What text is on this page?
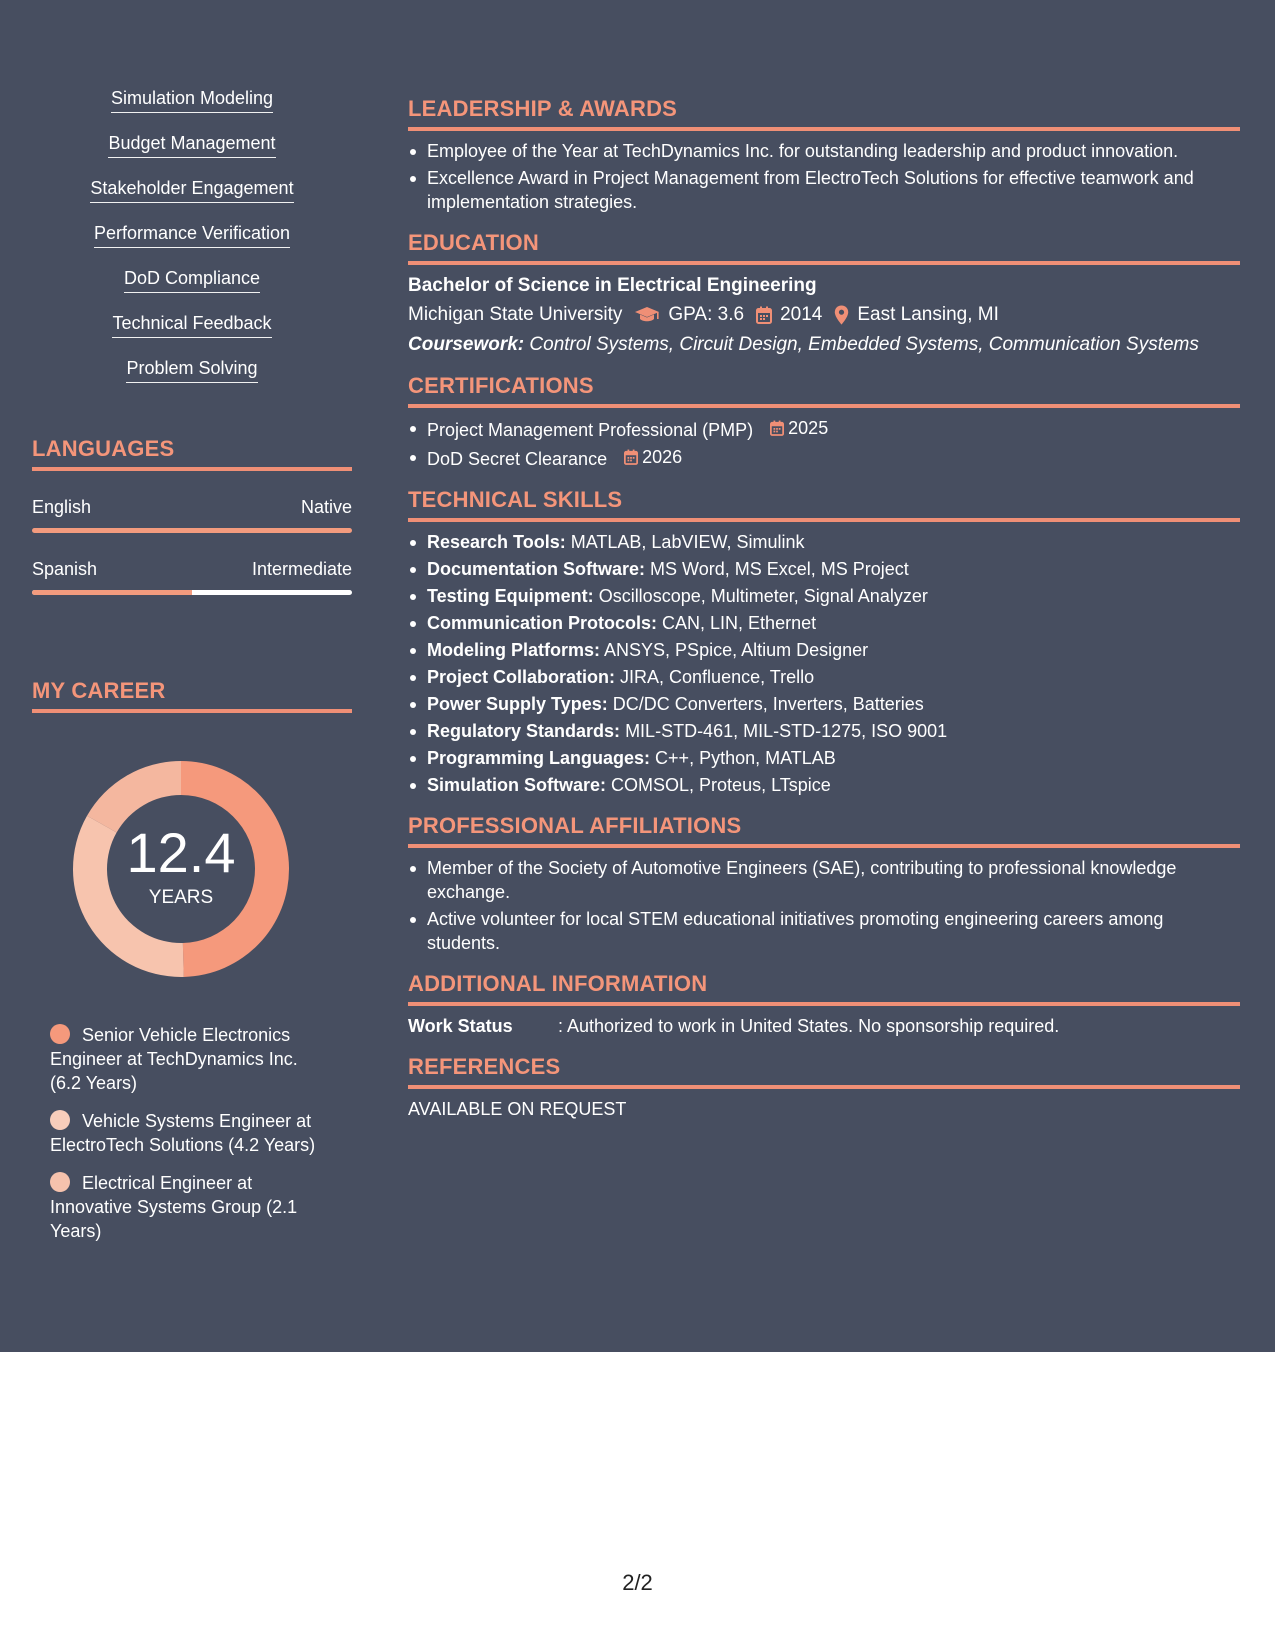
Simulation Modeling
Budget Management
Stakeholder Engagement
Performance Verification
DoD Compliance
Technical Feedback
Problem Solving
LANGUAGES
English	Native
Spanish	Intermediate
MY CAREER
12.4
YEARS
Senior Vehicle Electronics Engineer at TechDynamics Inc. (6.2 Years)
Vehicle Systems Engineer at ElectroTech Solutions (4.2 Years)
Electrical Engineer at Innovative Systems Group (2.1 Years)
LEADERSHIP & AWARDS
Employee of the Year at TechDynamics Inc. for outstanding leadership and product innovation.
Excellence Award in Project Management from ElectroTech Solutions for effective teamwork and implementation strategies.
EDUCATION
Bachelor of Science in Electrical Engineering
Michigan State University GPA: 3.6 2014 East Lansing, MI
Coursework: Control Systems, Circuit Design, Embedded Systems, Communication Systems
CERTIFICATIONS
Project Management Professional (PMP) 2025
DoD Secret Clearance 2026
TECHNICAL SKILLS
Research Tools: MATLAB, LabVIEW, Simulink
Documentation Software: MS Word, MS Excel, MS Project
Testing Equipment: Oscilloscope, Multimeter, Signal Analyzer
Communication Protocols: CAN, LIN, Ethernet
Modeling Platforms: ANSYS, PSpice, Altium Designer
Project Collaboration: JIRA, Confluence, Trello
Power Supply Types: DC/DC Converters, Inverters, Batteries
Regulatory Standards: MIL-STD-461, MIL-STD-1275, ISO 9001
Programming Languages: C++, Python, MATLAB
Simulation Software: COMSOL, Proteus, LTspice
PROFESSIONAL AFFILIATIONS
Member of the Society of Automotive Engineers (SAE), contributing to professional knowledge exchange.
Active volunteer for local STEM educational initiatives promoting engineering careers among students.
ADDITIONAL INFORMATION
Work Status	: Authorized to work in United States. No sponsorship required.
REFERENCES
AVAILABLE ON REQUEST
2/2
